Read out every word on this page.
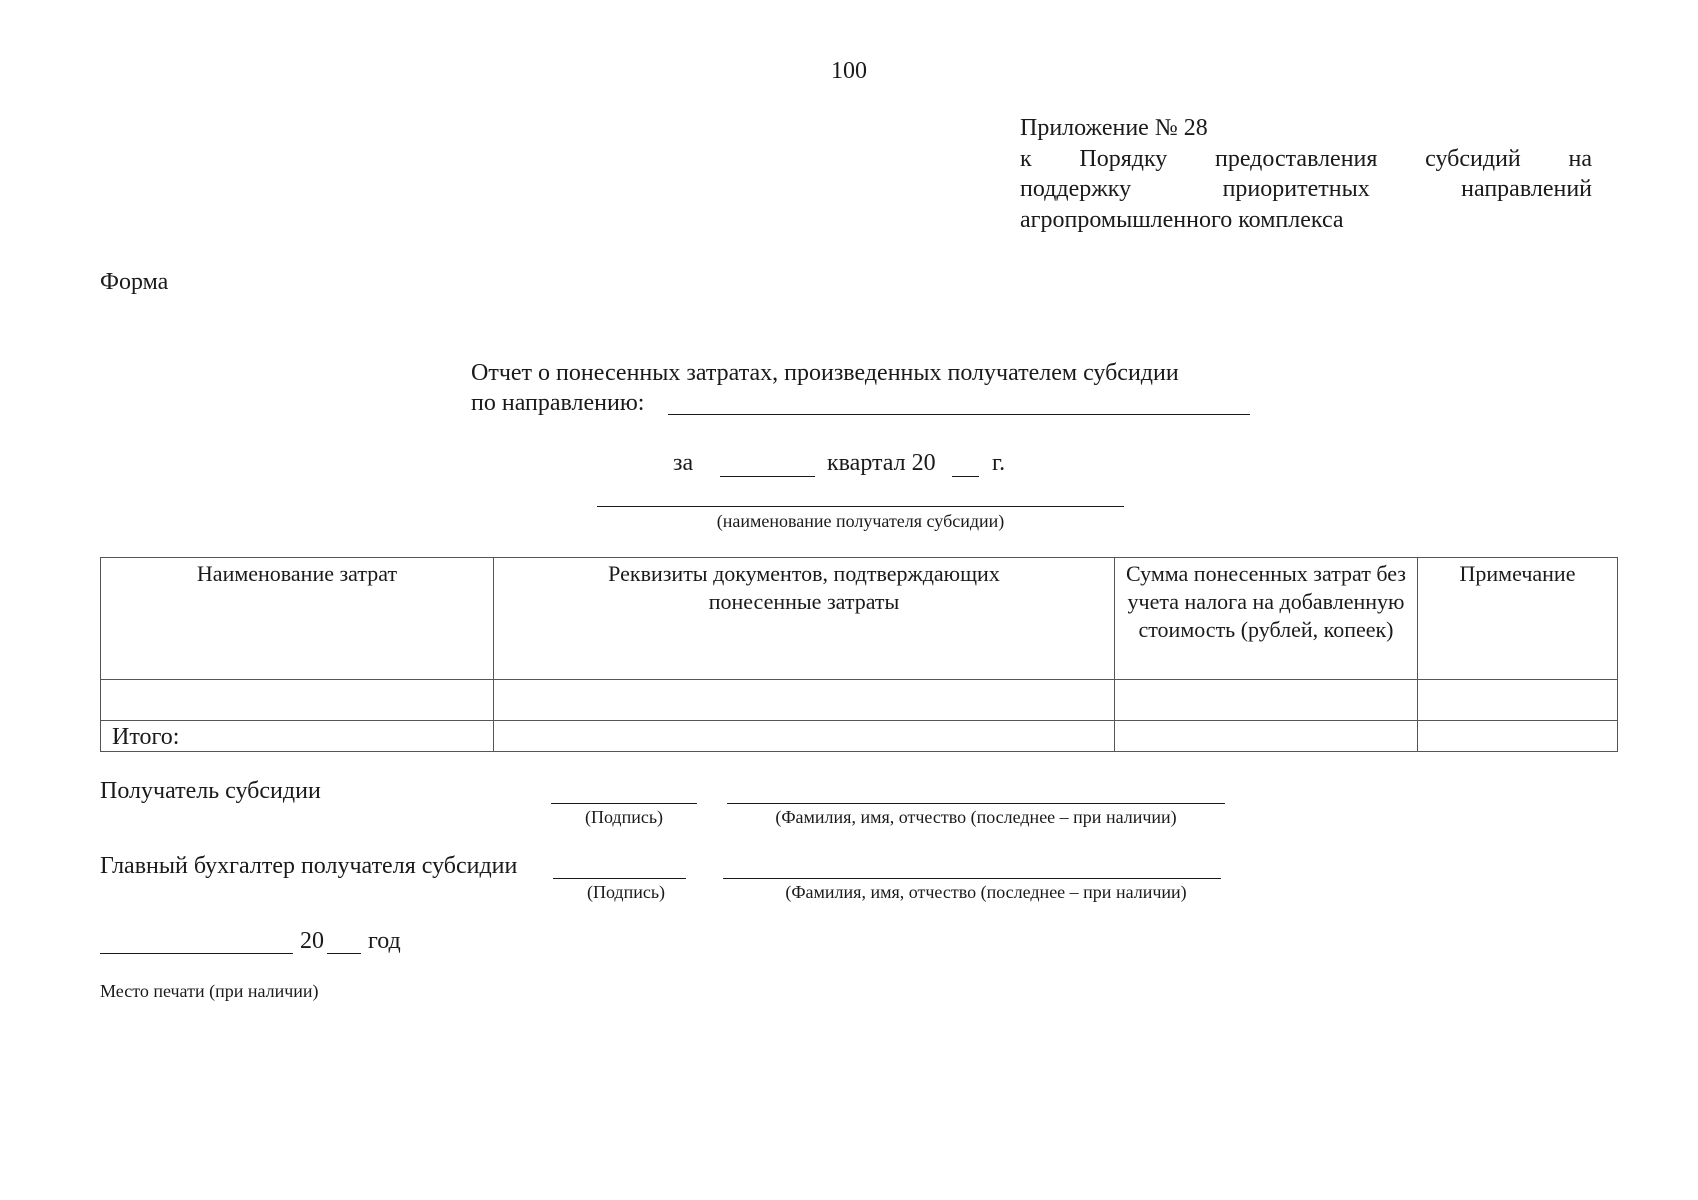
100
Приложение № 28
к Порядку предоставления субсидий на
поддержку приоритетных направлений
агропромышленного комплекса
Форма
Отчет о понесенных затратах, произведенных получателем субсидии
по направлению:
за	квартал 20 г.
(наименование получателя субсидии)
Наименование затрат	Реквизиты документов, подтверждающих понесенные затраты	Сумма понесенных затрат без учета налога на добавленную стоимость (рублей, копеек)	Примечание

Итого:			
Получатель субсидии
(Подпись)	(Фамилия, имя, отчество (последнее – при наличии)
Главный бухгалтер получателя субсидии
(Подпись)	(Фамилия, имя, отчество (последнее – при наличии)
20 год
Место печати (при наличии)
